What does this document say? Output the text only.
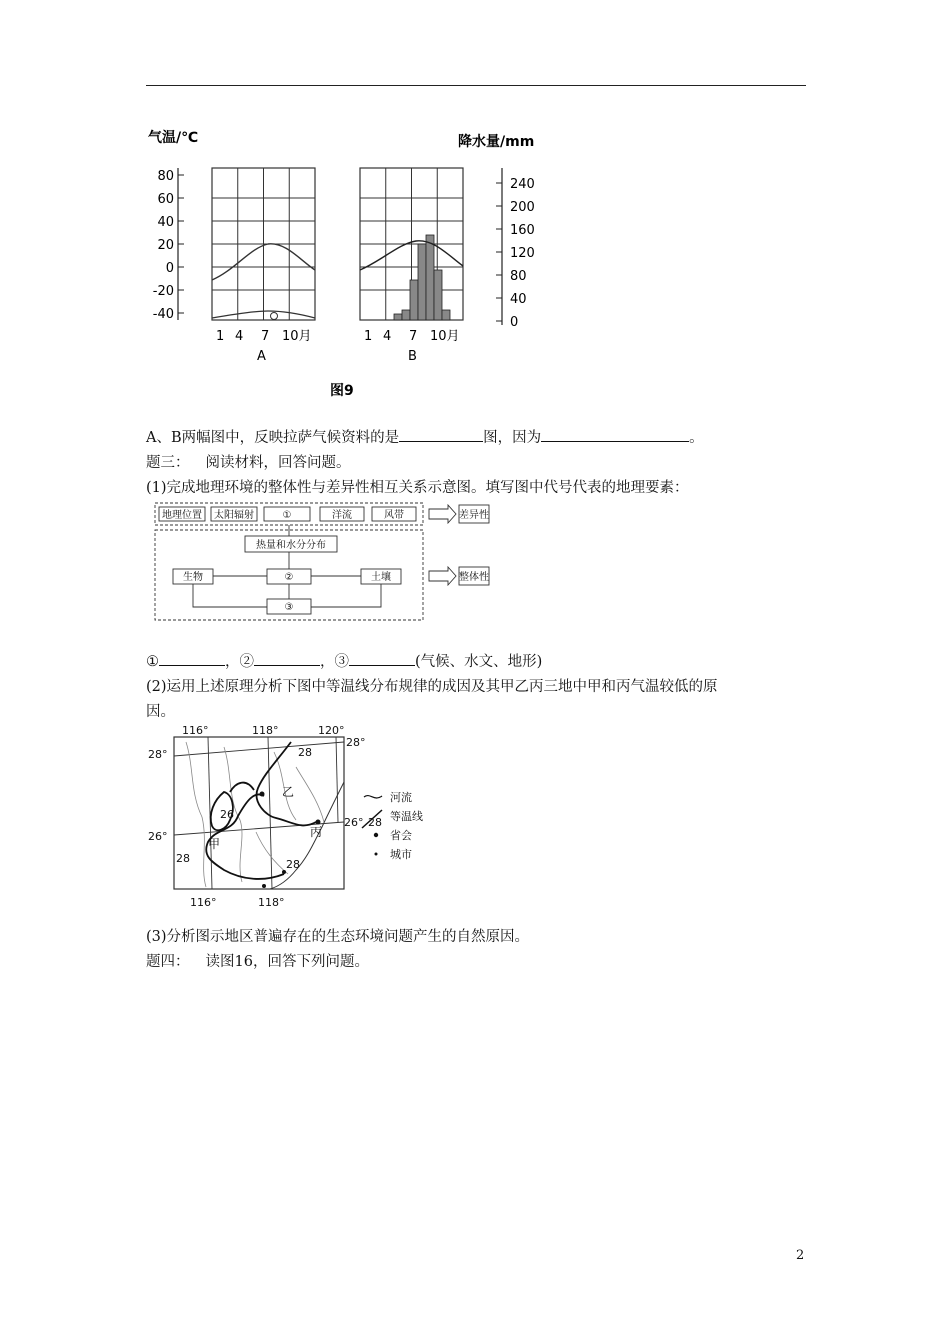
气温/℃	降水量/mm
80
60
40
20
0
-20
-40
240
200
160
120
80
40
0
1 4 7 10月	1 4 7 10月
A	B
图9
A、B两幅图中，反映拉萨气候资料的是	图，因为	。
题三： 阅读材料，回答问题。
(1)完成地理环境的整体性与差异性相互关系示意图。填写图中代号代表的地理要素：
地理位置 太阳辐射	①	洋流	风带
热量和水分分布
生物	②	土壤
③
差异性
整体性
①	，②	，③	(气候、水文、地形)
(2)运用上述原理分析下图中等温线分布规律的成因及其甲乙丙三地中甲和丙气温较低的原
因。
116°	118°	120°
28°
28°
26°
26°
116°	118°
28
26
28	28
甲
乙
丙
河流
28 等温线
省会
城市
(3)分析图示地区普遍存在的生态环境问题产生的自然原因。
题四： 读图16，回答下列问题。
2
